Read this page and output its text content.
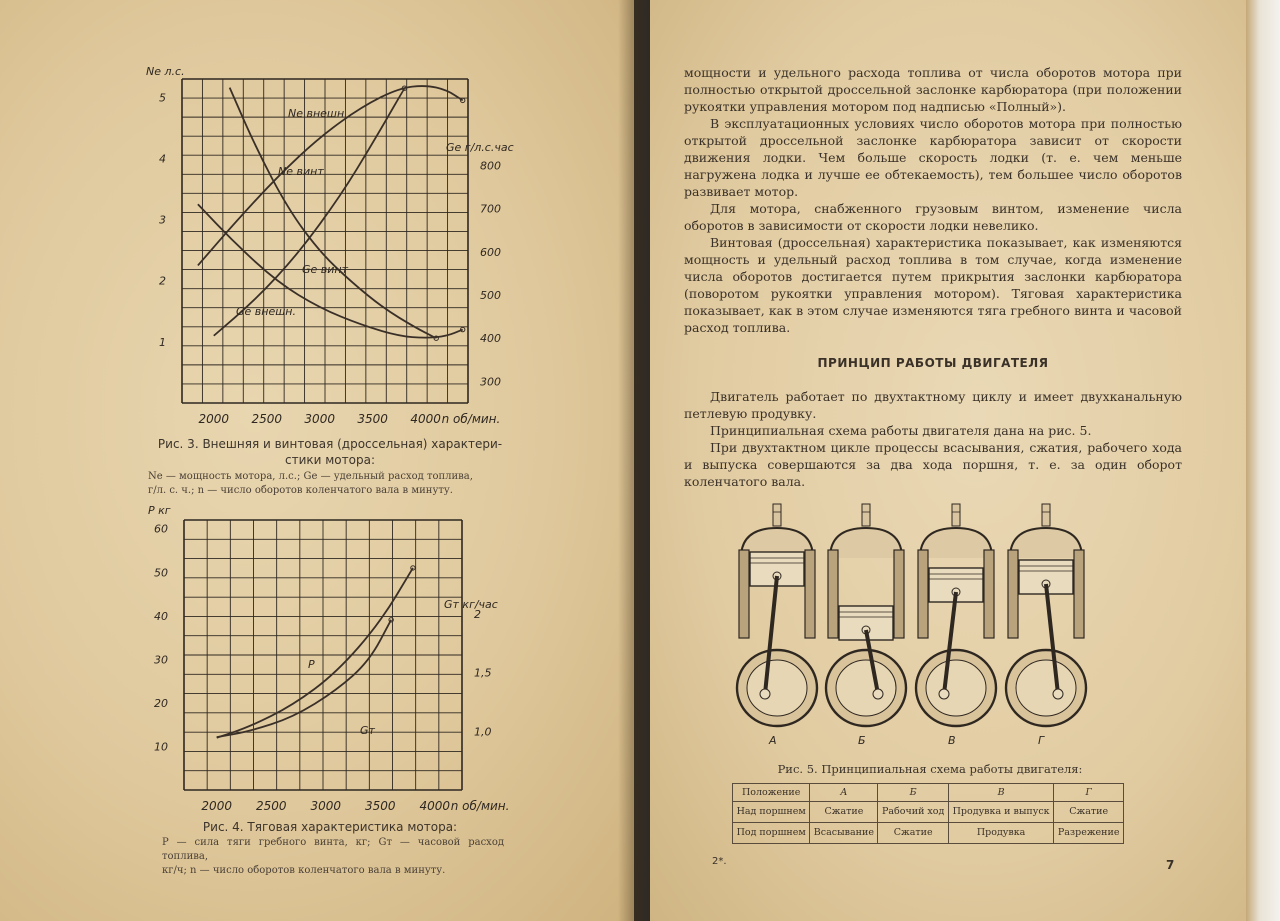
1
2
3
4
5
300
400
500
600
700
800
2000 2500 3000 3500 4000 n об/мин.
Ne л.с.
Ge г/л.с.час
Ne внешн
Ne винт
Ge винт
Ge внешн.
Рис. 3. Внешняя и винтовая (дроссельная) характери-
стики мотора:
Ne — мощность мотора, л.с.; Ge — удельный расход топлива,
г/л. с. ч.; n — число оборотов коленчатого вала в минуту.
10
20
30
40
50
60
1,0
1,5
2
2000 2500 3000 3500 4000 n об/мин.
P кг
Gт кг/час
P
Gт
Рис. 4. Тяговая характеристика мотора:
P — сила тяги гребного винта, кг; Gт — часовой расход топлива,
кг/ч; n — число оборотов коленчатого вала в минуту.

мощности и удельного расхода топлива от числа оборотов мотора при полностью открытой дроссельной заслонке карбюратора (при положении рукоятки управления мотором под надписью «Полный»).

В эксплуатационных условиях число оборотов мотора при полностью открытой дроссельной заслонке карбюратора зависит от скорости движения лодки. Чем больше скорость лодки (т. е. чем меньше нагружена лодка и лучше ее обтекаемость), тем большее число оборотов развивает мотор.

Для мотора, снабженного грузовым винтом, изменение числа оборотов в зависимости от скорости лодки невелико.

Винтовая (дроссельная) характеристика показывает, как изменяются мощность и удельный расход топлива в том случае, когда изменение числа оборотов достигается путем прикрытия заслонки карбюратора (поворотом рукоятки управления мотором). Тяговая характеристика показывает, как в этом случае изменяются тяга гребного винта и часовой расход топлива.

ПРИНЦИП РАБОТЫ ДВИГАТЕЛЯ

Двигатель работает по двухтактному циклу и имеет двухканальную петлевую продувку.

Принципиальная схема работы двигателя дана на рис. 5.

При двухтактном цикле процессы всасывания, сжатия, рабочего хода и выпуска совершаются за два хода поршня, т. е. за один оборот коленчатого вала.

А	Б	В	Г
Рис. 5. Принципиальная схема работы двигателя:
Положение	А	Б	В	Г
Над поршнем	Сжатие	Рабочий ход	Продувка и выпуск	Сжатие
Под поршнем	Всасывание	Сжатие	Продувка	Разрежение
2*.	7
